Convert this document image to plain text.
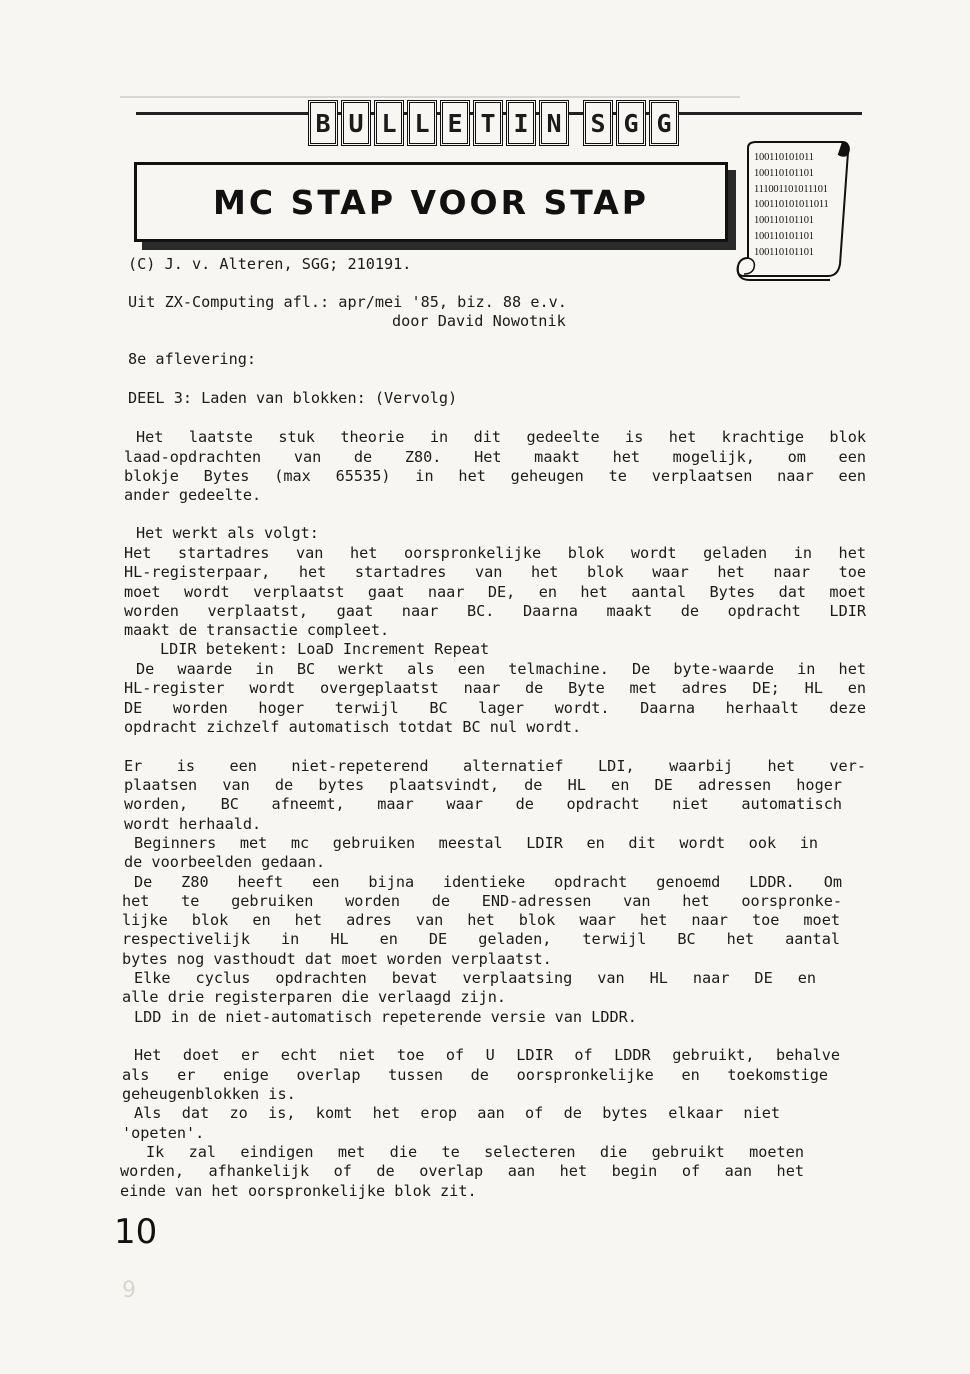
B U L L E T I N S G G
MC STAP VOOR STAP
100110101011
100110101101
111001101011101
100110101011011
100110101101
100110101101
100110101101
(C) J. v. Alteren, SGG; 210191.
Uit ZX-Computing afl.: apr/mei '85, biz. 88 e.v.
door David Nowotnik
8e aflevering:
DEEL 3: Laden van blokken: (Vervolg)
Het laatste stuk theorie in dit gedeelte is het krachtige blok
laad-opdrachten van de Z80. Het maakt het mogelijk, om een
blokje Bytes (max 65535) in het geheugen te verplaatsen naar een
ander gedeelte.
Het werkt als volgt:
Het startadres van het oorspronkelijke blok wordt geladen in het
HL-registerpaar, het startadres van het blok waar het naar toe
moet wordt verplaatst gaat naar DE, en het aantal Bytes dat moet
worden verplaatst, gaat naar BC. Daarna maakt de opdracht LDIR
maakt de transactie compleet.
LDIR betekent: LoaD Increment Repeat
De waarde in BC werkt als een telmachine. De byte-waarde in het
HL-register wordt overgeplaatst naar de Byte met adres DE; HL en
DE worden hoger terwijl BC lager wordt. Daarna herhaalt deze
opdracht zichzelf automatisch totdat BC nul wordt.
Er is een niet-repeterend alternatief LDI, waarbij het ver-
plaatsen van de bytes plaatsvindt, de HL en DE adressen hoger
worden, BC afneemt, maar waar de opdracht niet automatisch
wordt herhaald.
Beginners met mc gebruiken meestal LDIR en dit wordt ook in
de voorbeelden gedaan.
De Z80 heeft een bijna identieke opdracht genoemd LDDR. Om
het te gebruiken worden de END-adressen van het oorspronke-
lijke blok en het adres van het blok waar het naar toe moet
respectivelijk in HL en DE geladen, terwijl BC het aantal
bytes nog vasthoudt dat moet worden verplaatst.
Elke cyclus opdrachten bevat verplaatsing van HL naar DE en
alle drie registerparen die verlaagd zijn.
LDD in de niet-automatisch repeterende versie van LDDR.
Het doet er echt niet toe of U LDIR of LDDR gebruikt, behalve
als er enige overlap tussen de oorspronkelijke en toekomstige
geheugenblokken is.
Als dat zo is, komt het erop aan of de bytes elkaar niet
'opeten'.
Ik zal eindigen met die te selecteren die gebruikt moeten
worden, afhankelijk of de overlap aan het begin of aan het
einde van het oorspronkelijke blok zit.
10
9
